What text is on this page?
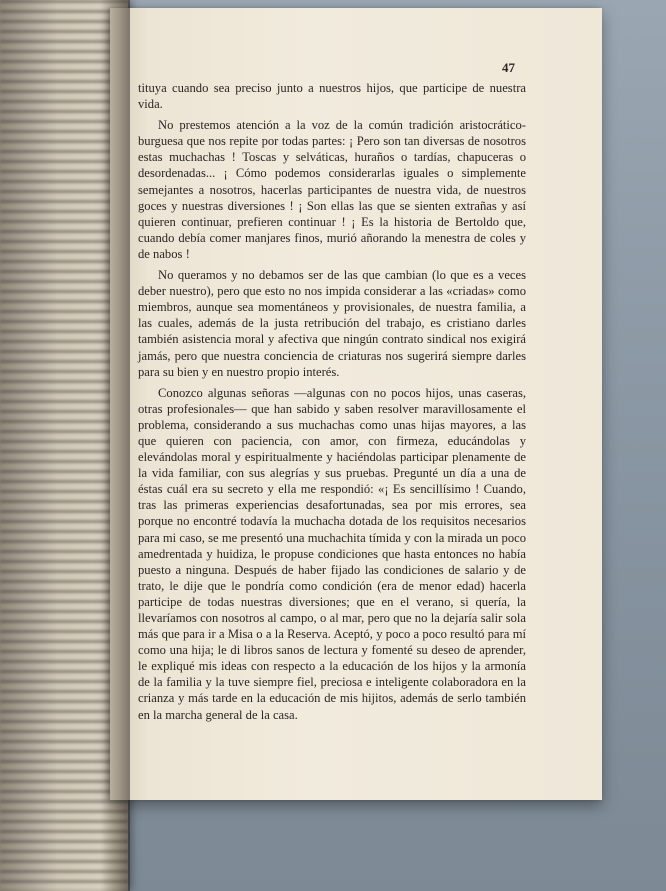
47

tituya cuando sea preciso junto a nuestros hijos, que participe de nuestra vida.

No prestemos atención a la voz de la común tradición aristocrático-burguesa que nos repite por todas partes: ¡ Pero son tan diversas de nosotros estas muchachas ! Toscas y selváticas, huraños o tardías, chapuceras o desordenadas... ¡ Cómo podemos considerarlas iguales o simplemente semejantes a nosotros, hacerlas participantes de nuestra vida, de nuestros goces y nuestras diversiones ! ¡ Son ellas las que se sienten extrañas y así quieren continuar, prefieren continuar ! ¡ Es la historia de Bertoldo que, cuando debía comer manjares finos, murió añorando la menestra de coles y de nabos !

No queramos y no debamos ser de las que cambian (lo que es a veces deber nuestro), pero que esto no nos impida considerar a las «criadas» como miembros, aunque sea momentáneos y provisionales, de nuestra familia, a las cuales, además de la justa retribución del trabajo, es cristiano darles también asistencia moral y afectiva que ningún contrato sindical nos exigirá jamás, pero que nuestra conciencia de criaturas nos sugerirá siempre darles para su bien y en nuestro propio interés.

Conozco algunas señoras —algunas con no pocos hijos, unas caseras, otras profesionales— que han sabido y saben resolver maravillosamente el problema, considerando a sus muchachas como unas hijas mayores, a las que quieren con paciencia, con amor, con firmeza, educándolas y elevándolas moral y espiritualmente y haciéndolas participar plenamente de la vida familiar, con sus alegrías y sus pruebas. Pregunté un día a una de éstas cuál era su secreto y ella me respondió: «¡ Es sencillísimo ! Cuando, tras las primeras experiencias desafortunadas, sea por mis errores, sea porque no encontré todavía la muchacha dotada de los requisitos necesarios para mi caso, se me presentó una muchachita tímida y con la mirada un poco amedrentada y huidiza, le propuse condiciones que hasta entonces no había puesto a ninguna. Después de haber fijado las condiciones de salario y de trato, le dije que le pondría como condición (era de menor edad) hacerla participe de todas nuestras diversiones; que en el verano, si quería, la llevaríamos con nosotros al campo, o al mar, pero que no la dejaría salir sola más que para ir a Misa o a la Reserva. Aceptó, y poco a poco resultó para mí como una hija; le di libros sanos de lectura y fomenté su deseo de aprender, le expliqué mis ideas con respecto a la educación de los hijos y la armonía de la familia y la tuve siempre fiel, preciosa e inteligente colaboradora en la crianza y más tarde en la educación de mis hijitos, además de serlo también en la marcha general de la casa.
